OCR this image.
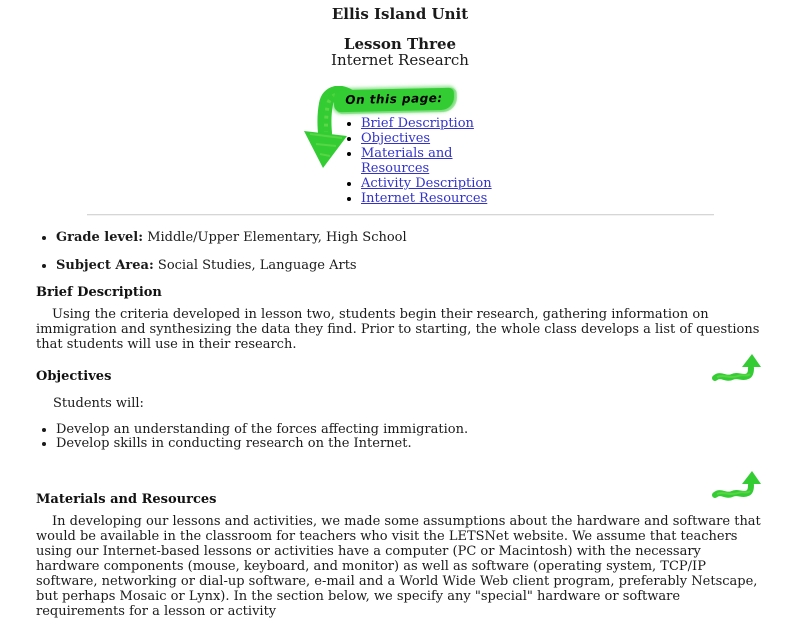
Ellis Island Unit
Lesson Three
Internet Research
On this page:
• Brief Description
• Objectives
• Materials and Resources
• Activity Description
• Internet Resources
• Grade level: Middle/Upper Elementary, High School
• Subject Area: Social Studies, Language Arts
Brief Description

Using the criteria developed in lesson two, students begin their research, gathering information on immigration and synthesizing the data they find. Prior to starting, the whole class develops a list of questions that students will use in their research.

Objectives

Students will:

• Develop an understanding of the forces affecting immigration.
• Develop skills in conducting research on the Internet.
Materials and Resources

In developing our lessons and activities, we made some assumptions about the hardware and software that would be available in the classroom for teachers who visit the LETSNet website. We assume that teachers using our Internet-based lessons or activities have a computer (PC or Macintosh) with the necessary hardware components (mouse, keyboard, and monitor) as well as software (operating system, TCP/IP software, networking or dial-up software, e-mail and a World Wide Web client program, preferably Netscape, but perhaps Mosaic or Lynx). In the section below, we specify any "special" hardware or software requirements for a lesson or activity
